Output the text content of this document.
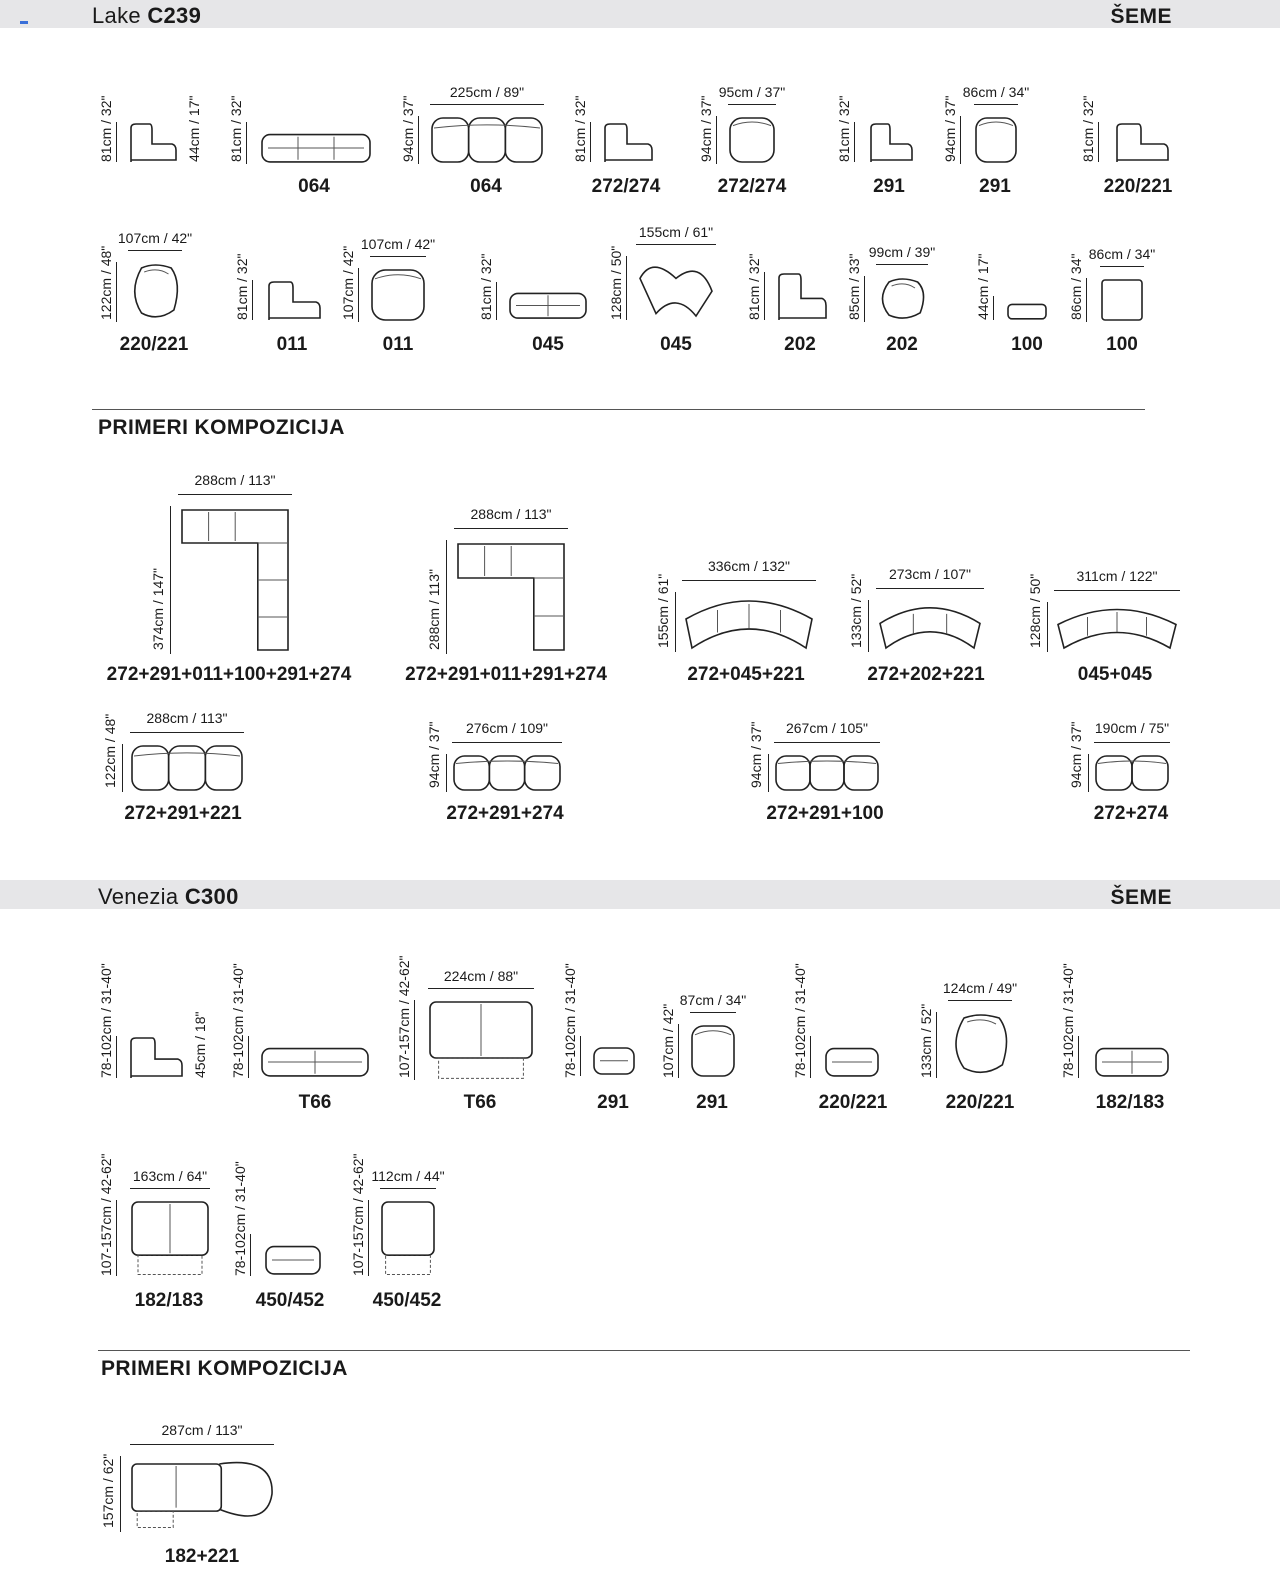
Lake C239	ŠEME
PRIMERI KOMPOZICIJA
Venezia C300	ŠEME
PRIMERI KOMPOZICIJA
81cm / 32"	44cm / 17" 81cm / 32"
064
94cm / 37"
225cm / 89"
064
81cm / 32"
272/274
94cm / 37"
95cm / 37"
272/274
81cm / 32"
291
94cm / 37"
86cm / 34"
291
81cm / 32"
220/221
122cm / 48"
107cm / 42"
220/221
81cm / 32"
011
107cm / 42"
107cm / 42"
011
81cm / 32"
045
128cm / 50"
155cm / 61"
045
81cm / 32"
202
85cm / 33"
99cm / 39"
202
44cm / 17"
100
86cm / 34" 86cm / 34"
100
374cm / 147"
288cm / 113"
272+291+011+100+291+274
288cm / 113"
288cm / 113"
272+291+011+291+274
155cm / 61"
336cm / 132"
272+045+221
133cm / 52" 273cm / 107"
272+202+221
128cm / 50" 311cm / 122"
045+045
122cm / 48" 288cm / 113"
272+291+221
94cm / 37" 276cm / 109"
272+291+274
94cm / 37" 267cm / 105"
272+291+100
94cm / 37" 190cm / 75"
272+274
78-102cm / 31-40"	45cm / 18" 78-102cm / 31-40"
T66
107-157cm / 42-62" 224cm / 88"
T66
78-102cm / 31-40"
291
107cm / 42"
87cm / 34"
291
78-102cm / 31-40"
220/221
133cm / 52"
124cm / 49"
220/221
78-102cm / 31-40"
182/183
107-157cm / 42-62" 163cm / 64"
182/183
78-102cm / 31-40"
450/452
107-157cm / 42-62" 112cm / 44"
450/452
157cm / 62"
287cm / 113"
182+221
